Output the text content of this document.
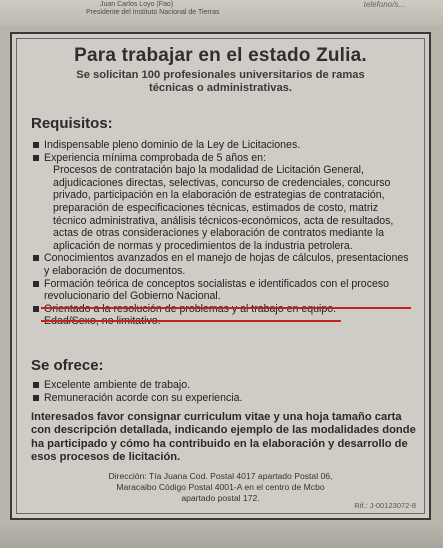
Juan Carlos Loyo (Fao)
Presidente del Instituto Nacional de Tierras
telefono/s...
Para trabajar en el estado Zulia.
Se solicitan 100 profesionales universitarios de ramas
técnicas o administrativas.
Requisitos:
Indispensable pleno dominio de la Ley de Licitaciones.
Experiencia mínima comprobada de 5 años en:
Procesos de contratación bajo la modalidad de Licitación General, adjudicaciones directas, selectivas, concurso de credenciales, concurso privado, participación en la elaboración de estrategias de contratación, preparación de especificaciones técnicas, estimados de costo, matriz técnico administrativa, análisis técnicos-económicos, acta de resultados, actas de otras consideraciones y elaboración de contratos mediante la aplicación de normas y procedimientos de la industria petrolera.
Conocimientos avanzados en el manejo de hojas de cálculos, presentaciones y elaboración de documentos.
Formación teórica de conceptos socialistas e identificados con el proceso revolucionario del Gobierno Nacional.
Se ofrece:
Excelente ambiente de trabajo.
Remuneración acorde con su experiencia.
Interesados favor consignar curriculum vitae y una hoja tamaño carta con descripción detallada, indicando ejemplo de las modalidades donde ha participado y cómo ha contribuido en la elaboración y desarrollo de esos procesos de licitación.
Dirección: Tía Juana Cod. Postal 4017 apartado Postal 06,
Maracaibo Código Postal 4001-A en el centro de Mcbo
apartado postal 172.
Rif.: J-00123072-8
